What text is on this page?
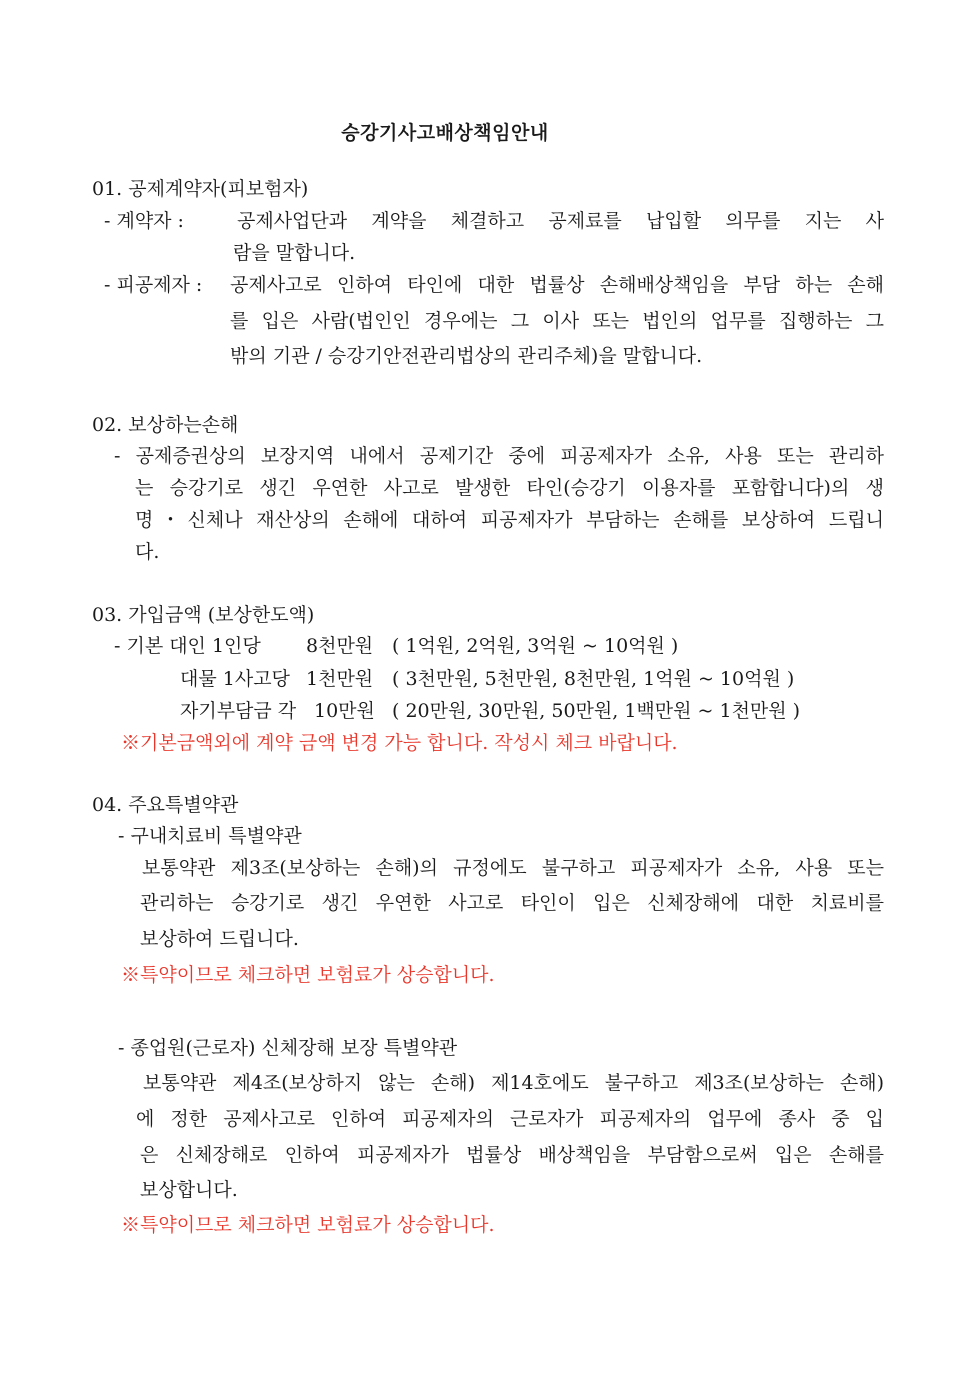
승강기사고배상책임안내
01. 공제계약자(피보험자)
- 계약자 :	공제사업단과 계약을 체결하고 공제료를 납입할 의무를 지는 사
람을 말합니다.
- 피공제자 : 공제사고로 인하여 타인에 대한 법률상 손해배상책임을 부담 하는 손해
를 입은 사람(법인인 경우에는 그 이사 또는 법인의 업무를 집행하는 그
밖의 기관 / 승강기안전관리법상의 관리주체)을 말합니다.
02. 보상하는손해
- 공제증권상의 보장지역 내에서 공제기간 중에 피공제자가 소유, 사용 또는 관리하
는 승강기로 생긴 우연한 사고로 발생한 타인(승강기 이용자를 포함합니다)의 생
명・신체나 재산상의 손해에 대하여 피공제자가 부담하는 손해를 보상하여 드립니
다.
03. 가입금액 (보상한도액)
- 기본 대인 1인당 8천만원 ( 1억원, 2억원, 3억원 ~ 10억원 )
대물 1사고당 1천만원 ( 3천만원, 5천만원, 8천만원, 1억원 ~ 10억원 )
자기부담금 각 10만원 ( 20만원, 30만원, 50만원, 1백만원 ~ 1천만원 )
※기본금액외에 계약 금액 변경 가능 합니다. 작성시 체크 바랍니다.
04. 주요특별약관
- 구내치료비 특별약관
보통약관 제3조(보상하는 손해)의 규정에도 불구하고 피공제자가 소유, 사용 또는
관리하는 승강기로 생긴 우연한 사고로 타인이 입은 신체장해에 대한 치료비를
보상하여 드립니다.
※특약이므로 체크하면 보험료가 상승합니다.
- 종업원(근로자) 신체장해 보장 특별약관
보통약관 제4조(보상하지 않는 손해) 제14호에도 불구하고 제3조(보상하는 손해)
에 정한 공제사고로 인하여 피공제자의 근로자가 피공제자의 업무에 종사 중 입
은 신체장해로 인하여 피공제자가 법률상 배상책임을 부담함으로써 입은 손해를
보상합니다.
※특약이므로 체크하면 보험료가 상승합니다.
